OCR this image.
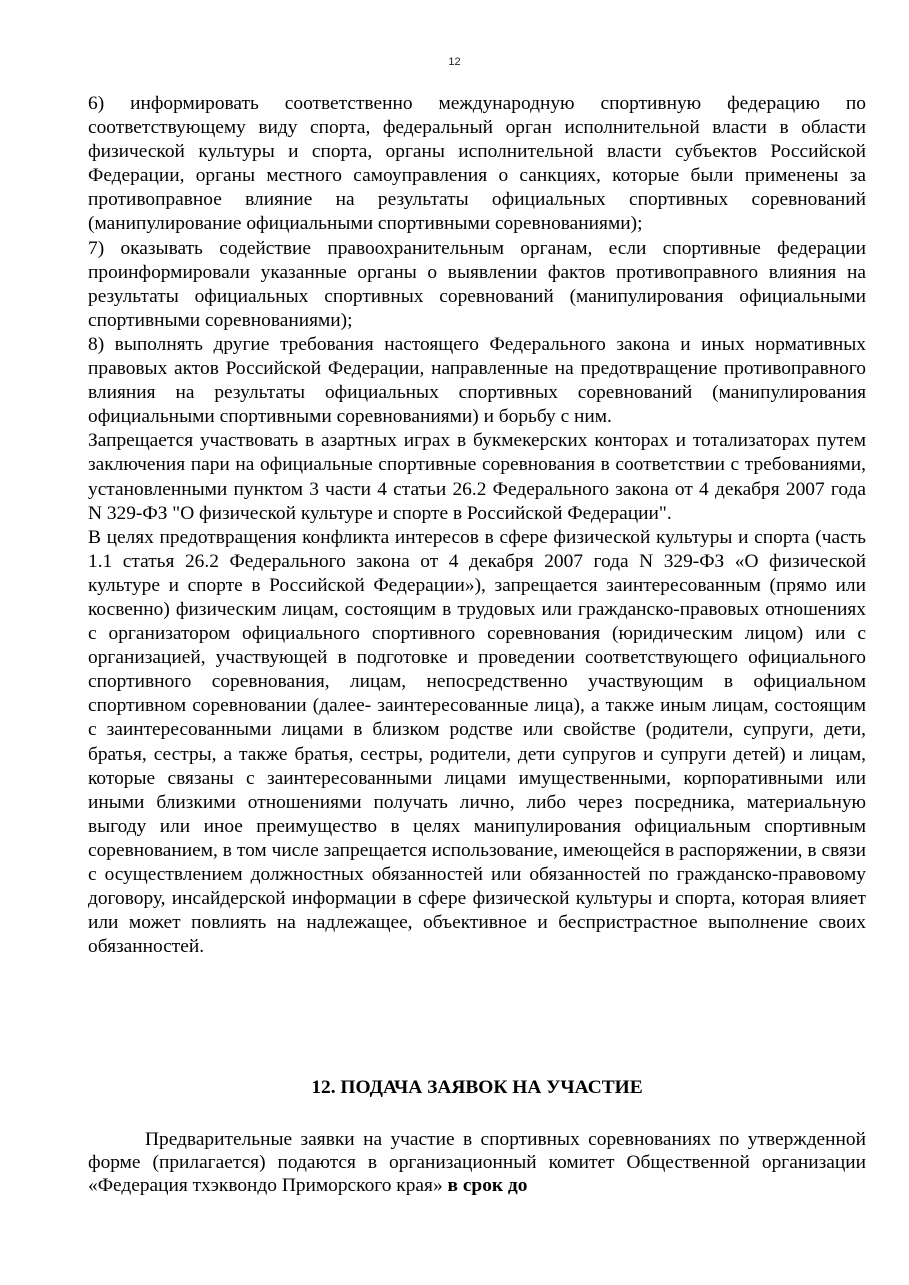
12

6) информировать соответственно международную спортивную федерацию по соответствующему виду спорта, федеральный орган исполнительной власти в области физической культуры и спорта, органы исполнительной власти субъектов Российской Федерации, органы местного самоуправления о санкциях, которые были применены за противоправное влияние на результаты официальных спортивных соревнований (манипулирование официальными спортивными соревнованиями);

7) оказывать содействие правоохранительным органам, если спортивные федерации проинформировали указанные органы о выявлении фактов противоправного влияния на результаты официальных спортивных соревнований (манипулирования официальными спортивными соревнованиями);

8) выполнять другие требования настоящего Федерального закона и иных нормативных правовых актов Российской Федерации, направленные на предотвращение противоправного влияния на результаты официальных спортивных соревнований (манипулирования официальными спортивными соревнованиями) и борьбу с ним.

Запрещается участвовать в азартных играх в букмекерских конторах и тотализаторах путем заключения пари на официальные спортивные соревнования в соответствии с требованиями, установленными пунктом 3 части 4 статьи 26.2 Федерального закона от 4 декабря 2007 года N 329-ФЗ "О физической культуре и спорте в Российской Федерации".

В целях предотвращения конфликта интересов в сфере физической культуры и спорта (часть 1.1 статья 26.2 Федерального закона от 4 декабря 2007 года N 329-ФЗ «О физической культуре и спорте в Российской Федерации»), запрещается заинтересованным (прямо или косвенно) физическим лицам, состоящим в трудовых или гражданско-правовых отношениях с организатором официального спортивного соревнования (юридическим лицом) или с организацией, участвующей в подготовке и проведении соответствующего официального спортивного соревнования, лицам, непосредственно участвующим в официальном спортивном соревновании (далее- заинтересованные лица), а также иным лицам, состоящим с заинтересованными лицами в близком родстве или свойстве (родители, супруги, дети, братья, сестры, а также братья, сестры, родители, дети супругов и супруги детей) и лицам, которые связаны с заинтересованными лицами имущественными, корпоративными или иными близкими отношениями получать лично, либо через посредника, материальную выгоду или иное преимущество в целях манипулирования официальным спортивным соревнованием, в том числе запрещается использование, имеющейся в распоряжении, в связи с осуществлением должностных обязанностей или обязанностей по гражданско-правовому договору, инсайдерской информации в сфере физической культуры и спорта, которая влияет или может повлиять на надлежащее, объективное и беспристрастное выполнение своих обязанностей.

12. ПОДАЧА ЗАЯВОК НА УЧАСТИЕ

Предварительные заявки на участие в спортивных соревнованиях по утвержденной форме (прилагается) подаются в организационный комитет Общественной организации «Федерация тхэквондо Приморского края» в срок до
